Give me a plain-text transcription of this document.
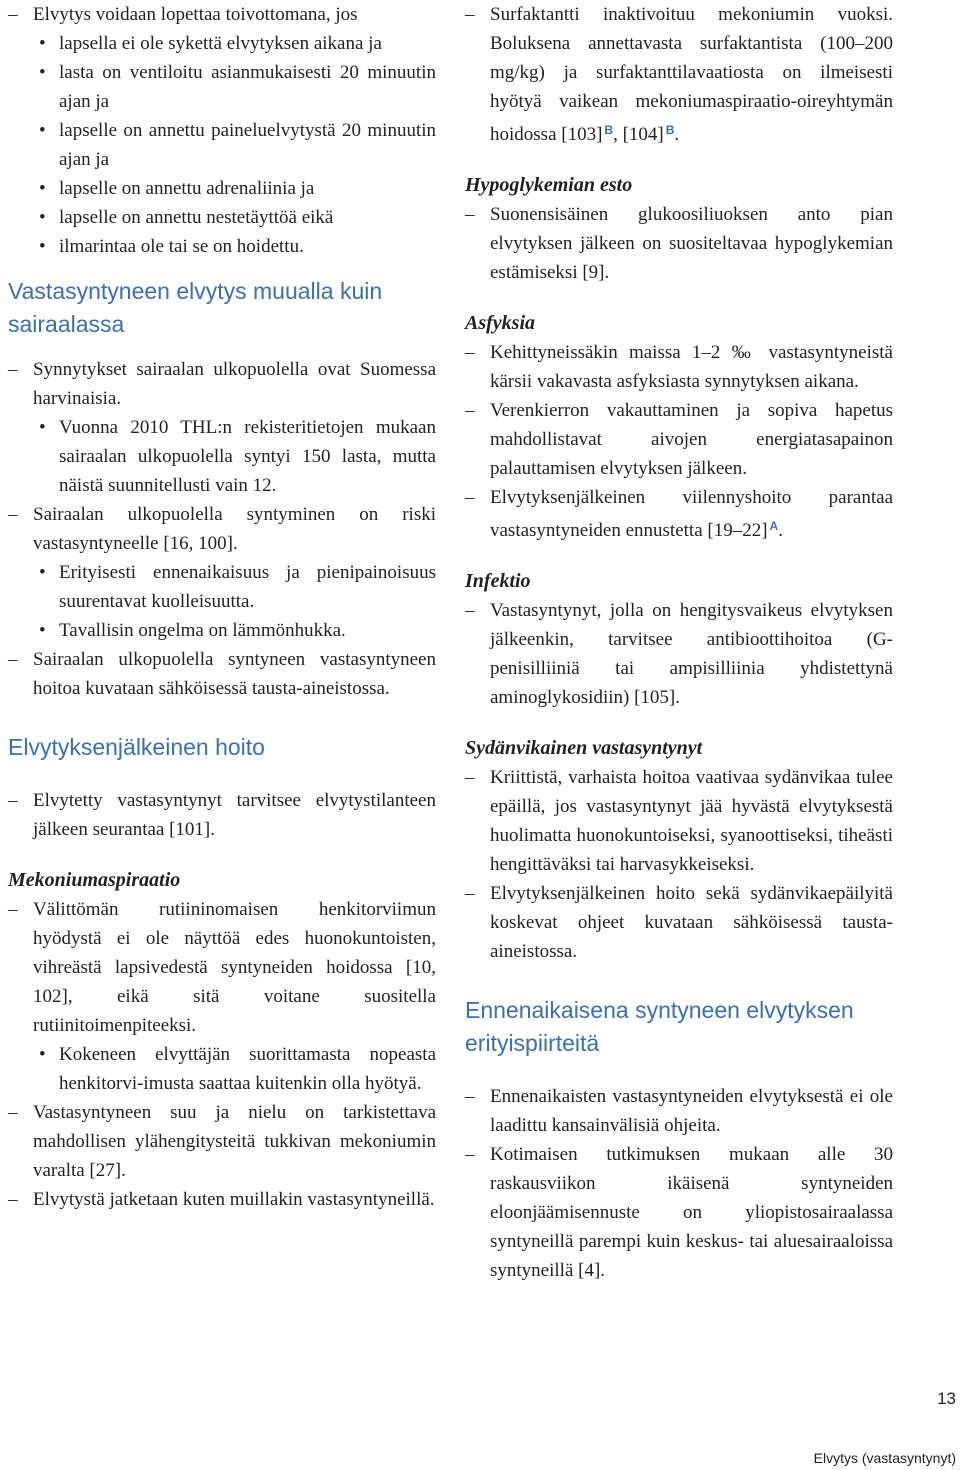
– Elvytys voidaan lopettaa toivottomana, jos

• lapsella ei ole sykettä elvytyksen aikana ja

• lasta on ventiloitu asianmukaisesti 20 minuutin ajan ja

• lapselle on annettu paineluelvytystä 20 minuutin ajan ja

• lapselle on annettu adrenaliinia ja

• lapselle on annettu nestetäyttöä eikä

• ilmarintaa ole tai se on hoidettu.

Vastasyntyneen elvytys muualla kuin sairaalassa
– Synnytykset sairaalan ulkopuolella ovat Suomessa harvinaisia.

• Vuonna 2010 THL:n rekisteritietojen mukaan sairaalan ulkopuolella syntyi 150 lasta, mutta näistä suunnitellusti vain 12.

– Sairaalan ulkopuolella syntyminen on riski vastasyntyneelle [16, 100].

• Erityisesti ennenaikaisuus ja pienipainoisuus suurentavat kuolleisuutta.

• Tavallisin ongelma on lämmönhukka.

– Sairaalan ulkopuolella syntyneen vastasyntyneen hoitoa kuvataan sähköisessä tausta-aineistossa.

Elvytyksenjälkeinen hoito
– Elvytetty vastasyntynyt tarvitsee elvytystilanteen jälkeen seurantaa [101].

Mekoniumaspiraatio
– Välittömän rutiininomaisen henkitorviimun hyödystä ei ole näyttöä edes huonokuntoisten, vihreästä lapsivedestä syntyneiden hoidossa [10, 102], eikä sitä voitane suositella rutiinitoimenpiteeksi.

• Kokeneen elvyttäjän suorittamasta nopeasta henkitorvi-imusta saattaa kuitenkin olla hyötyä.

– Vastasyntyneen suu ja nielu on tarkistettava mahdollisen ylähengitysteitä tukkivan mekoniumin varalta [27].

– Elvytystä jatketaan kuten muillakin vastasyntyneillä.

– Surfaktantti inaktivoituu mekoniumin vuoksi. Boluksena annettavasta surfaktantista (100–200 mg/kg) ja surfaktanttilavaatiosta on ilmeisesti hyötyä vaikean mekoniumaspiraatio-oireyhtymän hoidossa [103] $^B$, [104] $^B$.

Hypoglykemian esto
– Suonensisäinen glukoosiliuoksen anto pian elvytyksen jälkeen on suositeltavaa hypoglykemian estämiseksi [9].

Asfyksia
– Kehittyneissäkin maissa 1–2 ‰ vastasyntyneistä kärsii vakavasta asfyksiasta synnytyksen aikana.

– Verenkierron vakauttaminen ja sopiva hapetus mahdollistavat aivojen energiatasapainon palauttamisen elvytyksen jälkeen.

– Elvytyksenjälkeinen viilennyshoito parantaa vastasyntyneiden ennustetta [19–22] $^A$.

Infektio
– Vastasyntynyt, jolla on hengitysvaikeus elvytyksen jälkeenkin, tarvitsee antibioottihoitoa (G-penisilliiniä tai ampisilliinia yhdistettynä aminoglykosidiin) [105].

Sydänvikainen vastasyntynyt
– Kriittistä, varhaista hoitoa vaativaa sydänvikaa tulee epäillä, jos vastasyntynyt jää hyvästä elvytyksestä huolimatta huonokuntoiseksi, syanoottiseksi, tiheästi hengittäväksi tai harvasykkeiseksi.

– Elvytyksenjälkeinen hoito sekä sydänvikaepäilyitä koskevat ohjeet kuvataan sähköisessä tausta-aineistossa.

Ennenaikaisena syntyneen elvytyksen erityispiirteitä
– Ennenaikaisten vastasyntyneiden elvytyksestä ei ole laadittu kansainvälisiä ohjeita.

– Kotimaisen tutkimuksen mukaan alle 30 raskausviikon ikäisenä syntyneiden eloonjäämisennuste on yliopistosairaalassa syntyneillä parempi kuin keskus- tai aluesairaaloissa syntyneillä [4].

13
Elvytys (vastasyntynyt)
